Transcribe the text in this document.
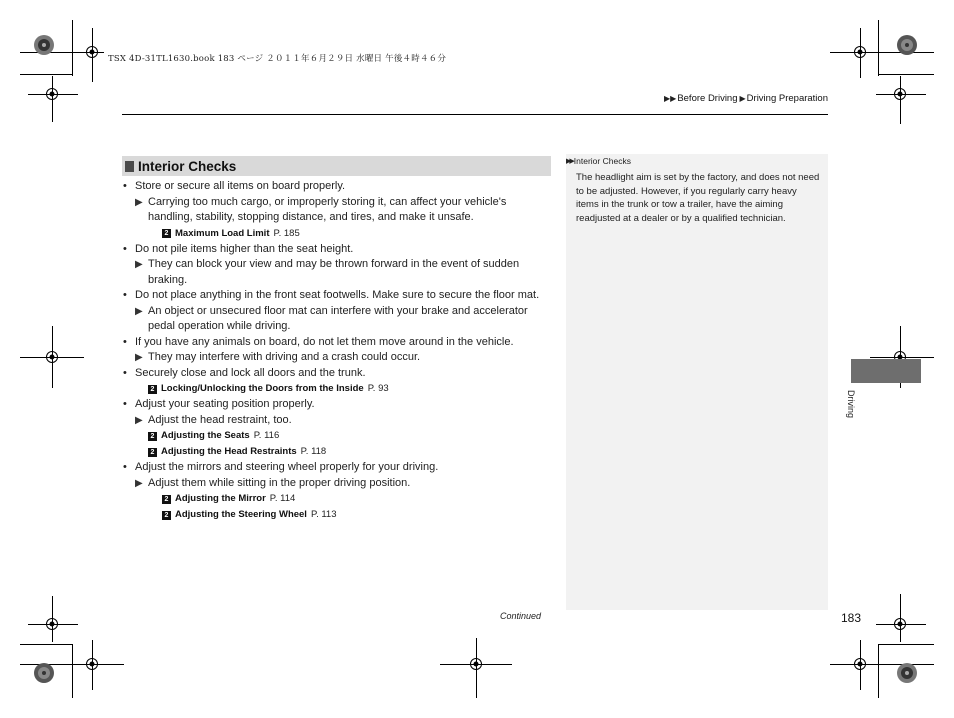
TSX 4D-31TL1630.book 183 ページ ２０１１年６月２９日 水曜日 午後４時４６分
▶▶Before Driving ▶Driving Preparation
Interior Checks
• Store or secure all items on board properly.
▶ Carrying too much cargo, or improperly storing it, can affect your vehicle's handling, stability, stopping distance, and tires, and make it unsafe.
2 Maximum Load Limit P. 185
• Do not pile items higher than the seat height.
▶ They can block your view and may be thrown forward in the event of sudden braking.
• Do not place anything in the front seat footwells. Make sure to secure the floor mat.
▶ An object or unsecured floor mat can interfere with your brake and accelerator pedal operation while driving.
• If you have any animals on board, do not let them move around in the vehicle.
▶ They may interfere with driving and a crash could occur.
• Securely close and lock all doors and the trunk.
2 Locking/Unlocking the Doors from the Inside P. 93
• Adjust your seating position properly.
▶ Adjust the head restraint, too.
2 Adjusting the Seats P. 116
2 Adjusting the Head Restraints P. 118
• Adjust the mirrors and steering wheel properly for your driving.
▶ Adjust them while sitting in the proper driving position.
2 Adjusting the Mirror P. 114
2 Adjusting the Steering Wheel P. 113
▶▶ Interior Checks
The headlight aim is set by the factory, and does not need to be adjusted. However, if you regularly carry heavy items in the trunk or tow a trailer, have the aiming readjusted at a dealer or by a qualified technician.
Continued	183
Driving
